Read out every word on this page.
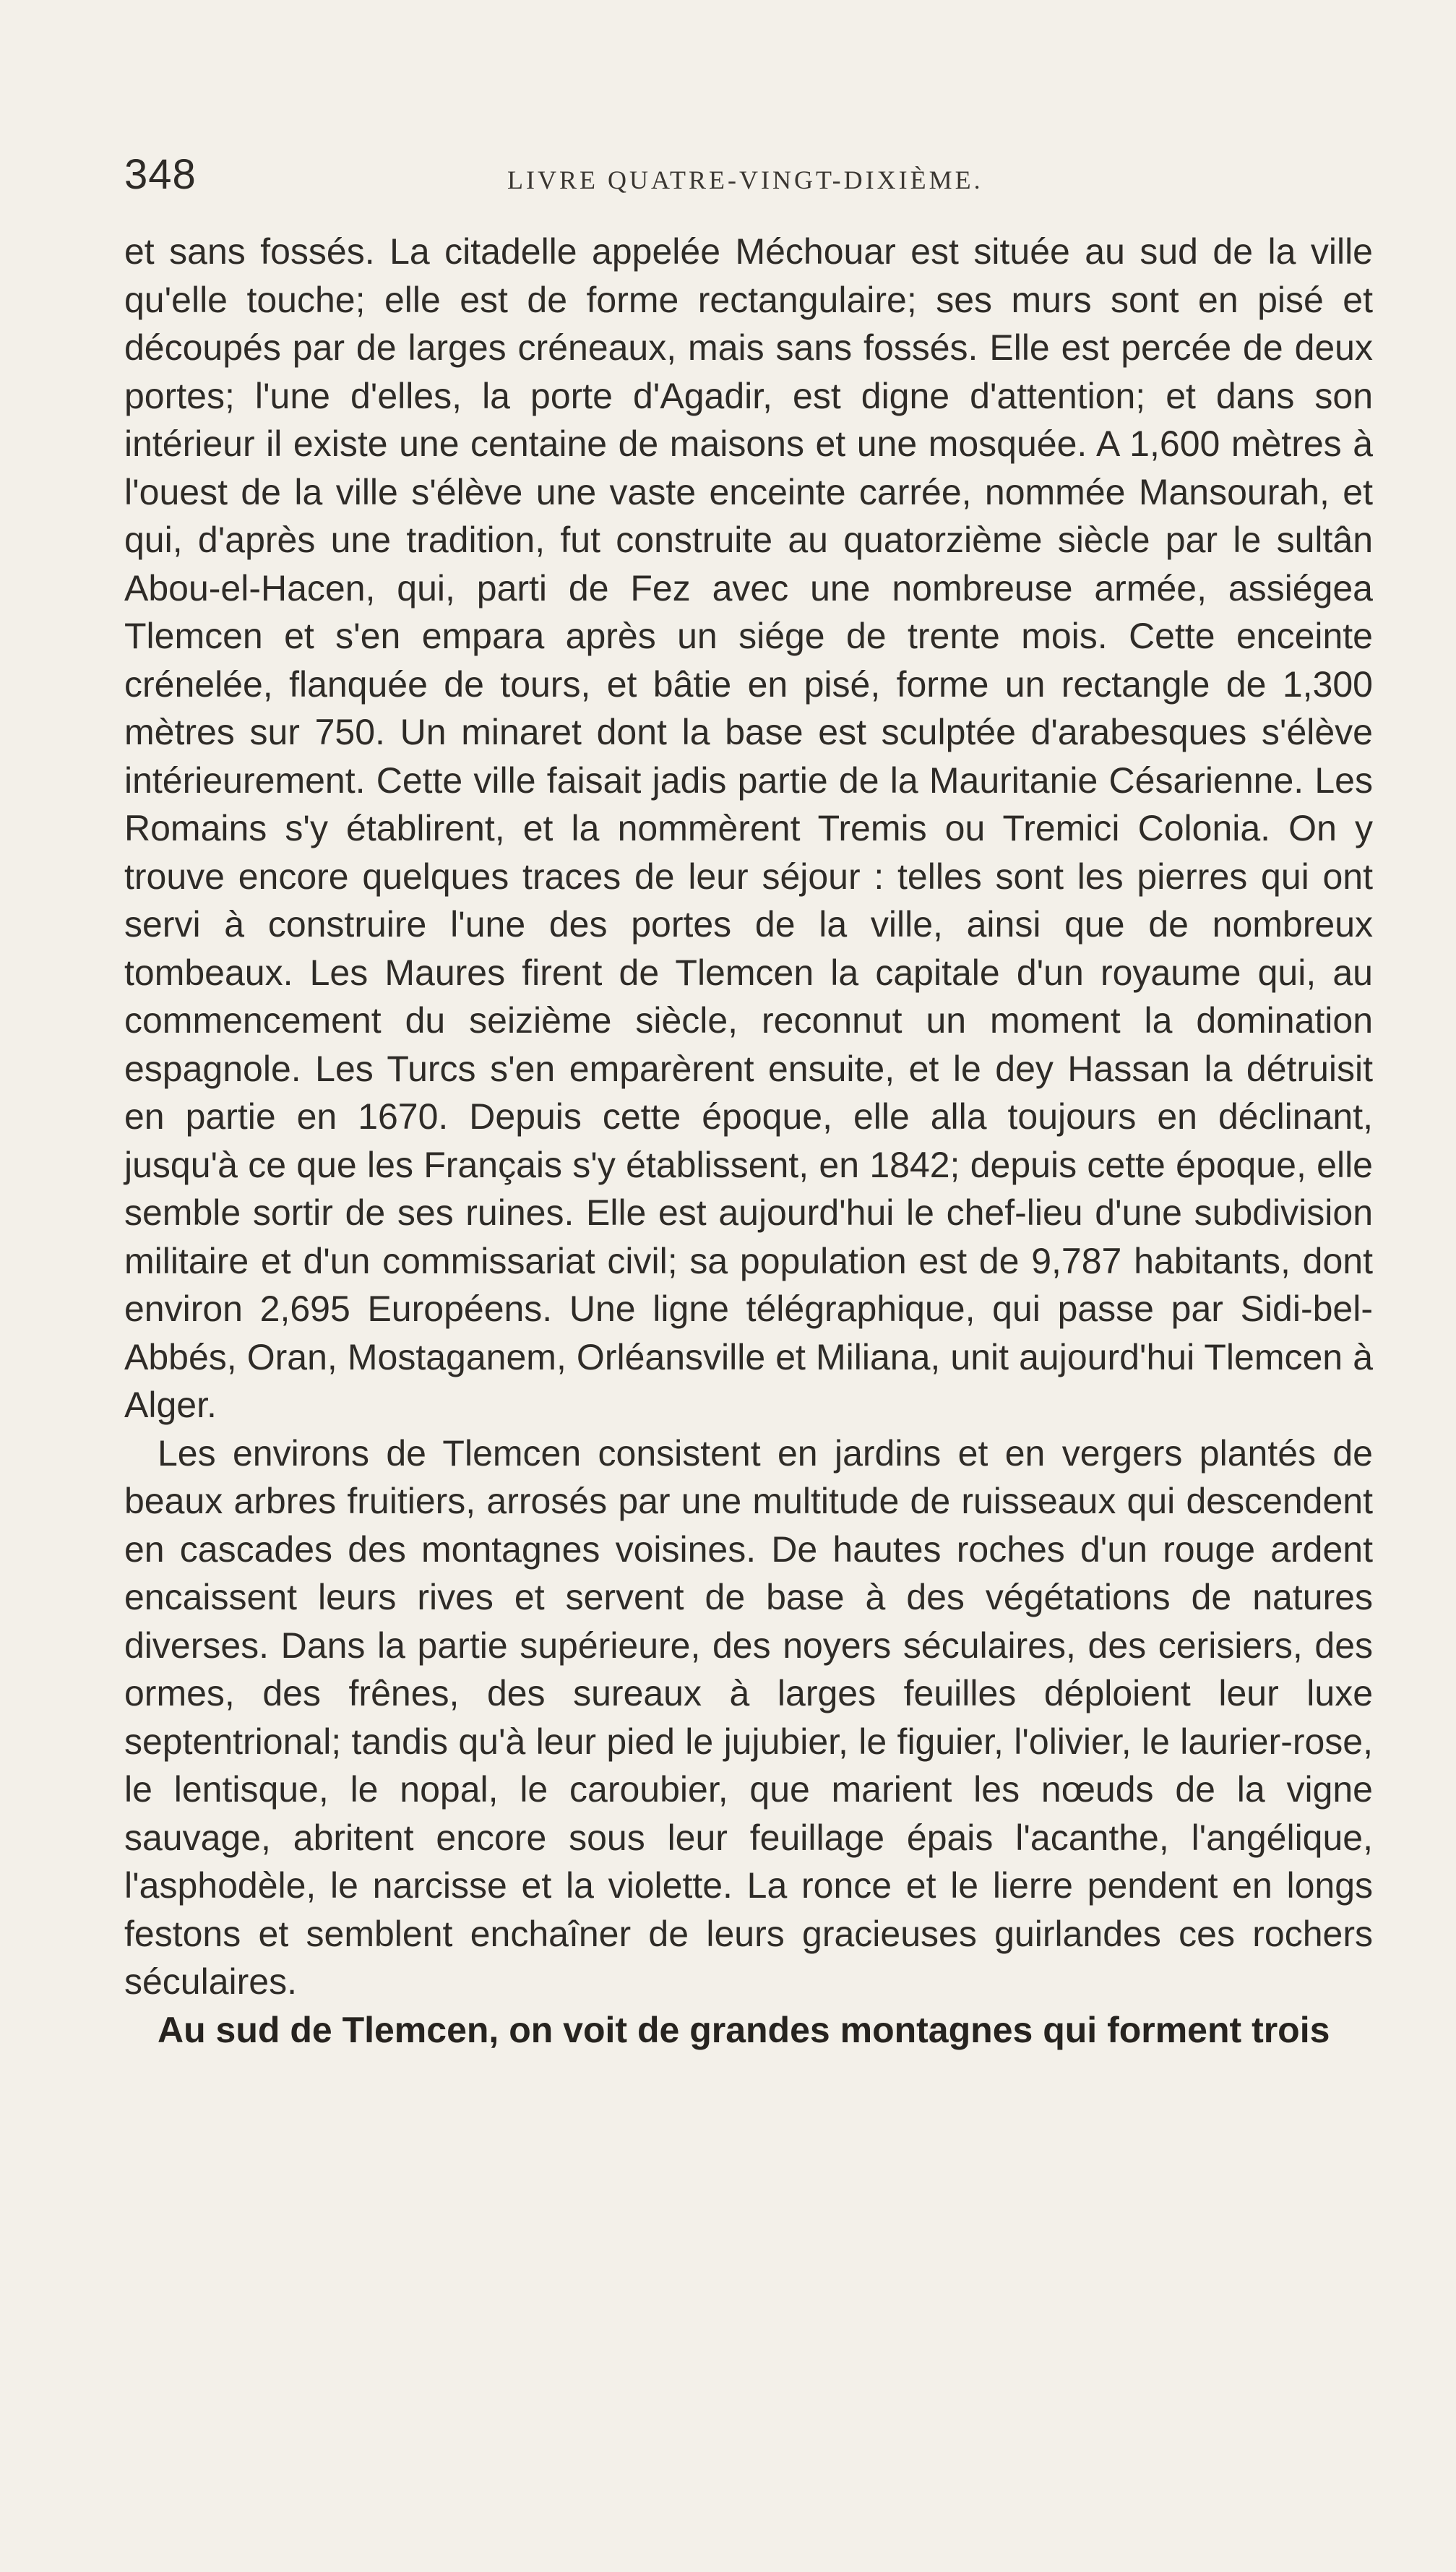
348	LIVRE QUATRE-VINGT-DIXIÈME.

et sans fossés. La citadelle appelée Méchouar est située au sud de la ville qu'elle touche; elle est de forme rectangulaire; ses murs sont en pisé et découpés par de larges créneaux, mais sans fossés. Elle est percée de deux portes; l'une d'elles, la porte d'Agadir, est digne d'attention; et dans son intérieur il existe une centaine de maisons et une mosquée. A 1,600 mètres à l'ouest de la ville s'élève une vaste enceinte carrée, nommée Mansourah, et qui, d'après une tradition, fut construite au quatorzième siècle par le sultân Abou-el-Hacen, qui, parti de Fez avec une nombreuse armée, assiégea Tlemcen et s'en empara après un siége de trente mois. Cette enceinte crénelée, flanquée de tours, et bâtie en pisé, forme un rectangle de 1,300 mètres sur 750. Un minaret dont la base est sculptée d'arabesques s'élève intérieurement. Cette ville faisait jadis partie de la Mauritanie Césarienne. Les Romains s'y établirent, et la nommèrent Tremis ou Tremici Colonia. On y trouve encore quelques traces de leur séjour : telles sont les pierres qui ont servi à construire l'une des portes de la ville, ainsi que de nombreux tombeaux. Les Maures firent de Tlemcen la capitale d'un royaume qui, au commencement du seizième siècle, reconnut un moment la domination espagnole. Les Turcs s'en emparèrent ensuite, et le dey Hassan la détruisit en partie en 1670. Depuis cette époque, elle alla toujours en déclinant, jusqu'à ce que les Français s'y établissent, en 1842; depuis cette époque, elle semble sortir de ses ruines. Elle est aujourd'hui le chef-lieu d'une subdivision militaire et d'un commissariat civil; sa population est de 9,787 habitants, dont environ 2,695 Européens. Une ligne télégraphique, qui passe par Sidi-bel-Abbés, Oran, Mostaganem, Orléansville et Miliana, unit aujourd'hui Tlemcen à Alger.

Les environs de Tlemcen consistent en jardins et en vergers plantés de beaux arbres fruitiers, arrosés par une multitude de ruisseaux qui descendent en cascades des montagnes voisines. De hautes roches d'un rouge ardent encaissent leurs rives et servent de base à des végétations de natures diverses. Dans la partie supérieure, des noyers séculaires, des cerisiers, des ormes, des frênes, des sureaux à larges feuilles déploient leur luxe septentrional; tandis qu'à leur pied le jujubier, le figuier, l'olivier, le laurier-rose, le lentisque, le nopal, le caroubier, que marient les nœuds de la vigne sauvage, abritent encore sous leur feuillage épais l'acanthe, l'angélique, l'asphodèle, le narcisse et la violette. La ronce et le lierre pendent en longs festons et semblent enchaîner de leurs gracieuses guirlandes ces rochers séculaires.

Au sud de Tlemcen, on voit de grandes montagnes qui forment trois
